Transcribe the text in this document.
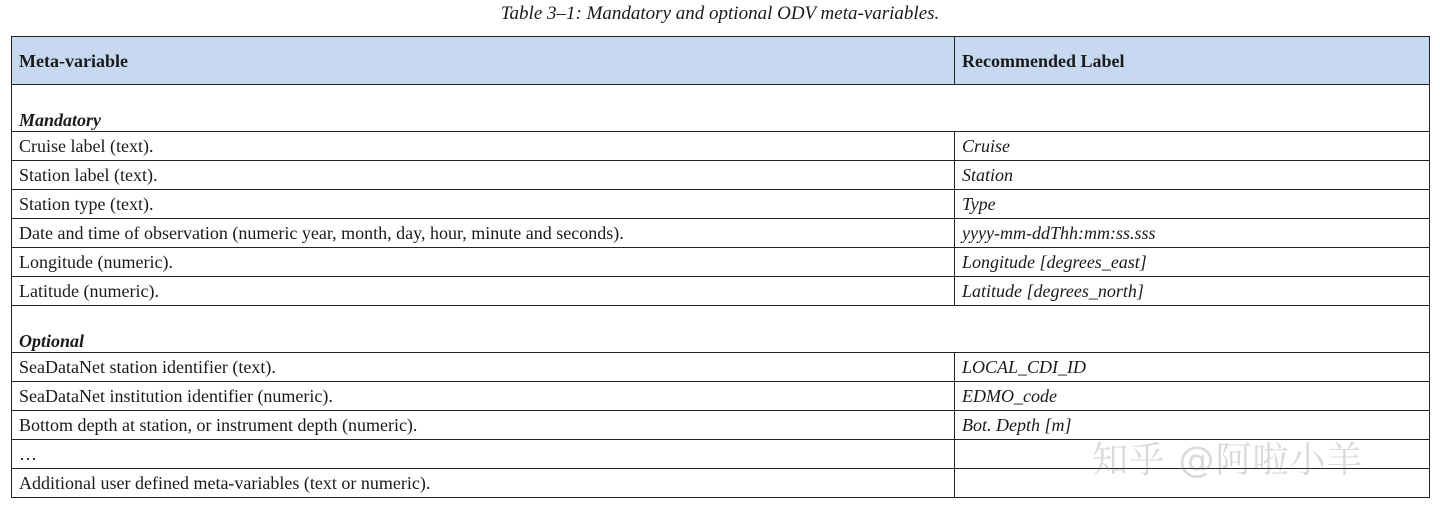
Table 3–1: Mandatory and optional ODV meta-variables.
Meta-variable	Recommended Label
Mandatory	
Cruise label (text).	Cruise
Station label (text).	Station
Station type (text).	Type
Date and time of observation (numeric year, month, day, hour, minute and seconds).	yyyy-mm-ddThh:mm:ss.sss
Longitude (numeric).	Longitude [degrees_east]
Latitude (numeric).	Latitude [degrees_north]
Optional	
SeaDataNet station identifier (text).	LOCAL_CDI_ID
SeaDataNet institution identifier (numeric).	EDMO_code
Bottom depth at station, or instrument depth (numeric).	Bot. Depth [m]
…	
Additional user defined meta-variables (text or numeric).	
知乎 @阿啦小羊
